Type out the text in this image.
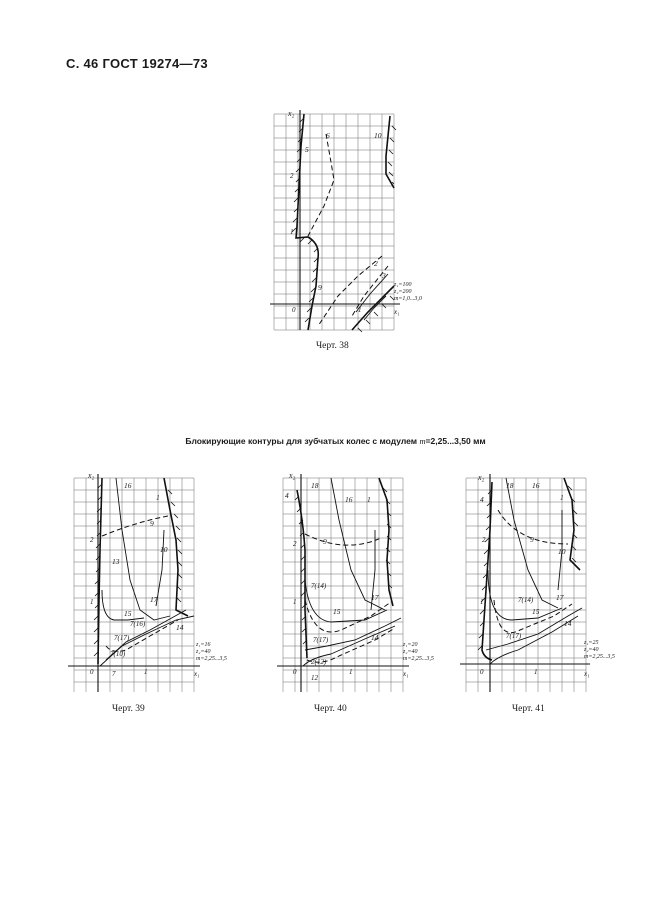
С. 46 ГОСТ 19274—73
x₂
x₁
0	1
1
2
10
6
5
9
2
3
z₁=100
z₂=200
m=1,0...3,0
Черт. 38
Блокирующие контуры для зубчатых колес с модулем m=2,25...3,50 мм
x₂
x₁
0	1
1
2
16
1
9
10
13
17
15
7(16)
7(17)
14
7(10)
7
z₁=16
z₂=40
m=2,25...3,5
Черт. 39
x₂
x₁
0	1
1
2
4
18
16 1
9
7(14)
17
15
7(17)	14
2(12)
12
z₁=20
z₂=40
m=2,25...3,5
Черт. 40
x₂
x₁
0	1
1
2
4
18 16
1
9
10
7(14)	17
15
7(17)
14
z₁=25
z₂=40
m=2,25...3,5
Черт. 41
